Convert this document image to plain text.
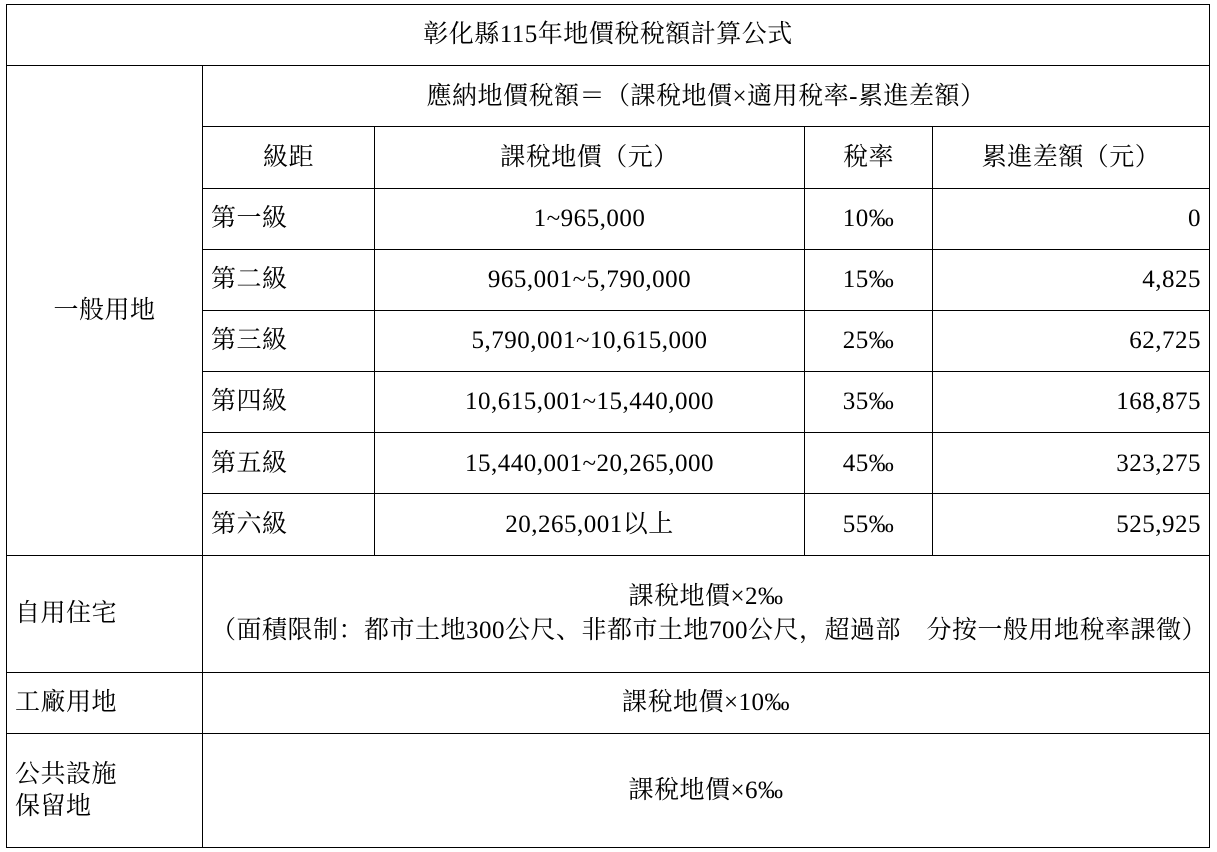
彰化縣115年地價稅稅額計算公式				
一般用地	應納地價稅額＝（課稅地價×適用稅率-累進差額）			
	級距	課稅地價（元）	稅率	累進差額（元）
	第一級	1~965,000	10‰	0
	第二級	965,001~5,790,000	15‰	4,825
	第三級	5,790,001~10,615,000	25‰	62,725
	第四級	10,615,001~15,440,000	35‰	168,875
	第五級	15,440,001~20,265,000	45‰	323,275
	第六級	20,265,001以上	55‰	525,925
自用住宅	課稅地價×2‰
（面積限制：都市土地300公尺、非都市土地700公尺，超過部　分按一般用地稅率課徵）			

工廠用地	課稅地價×10‰			
公共設施
保留地	課稅地價×6‰			
